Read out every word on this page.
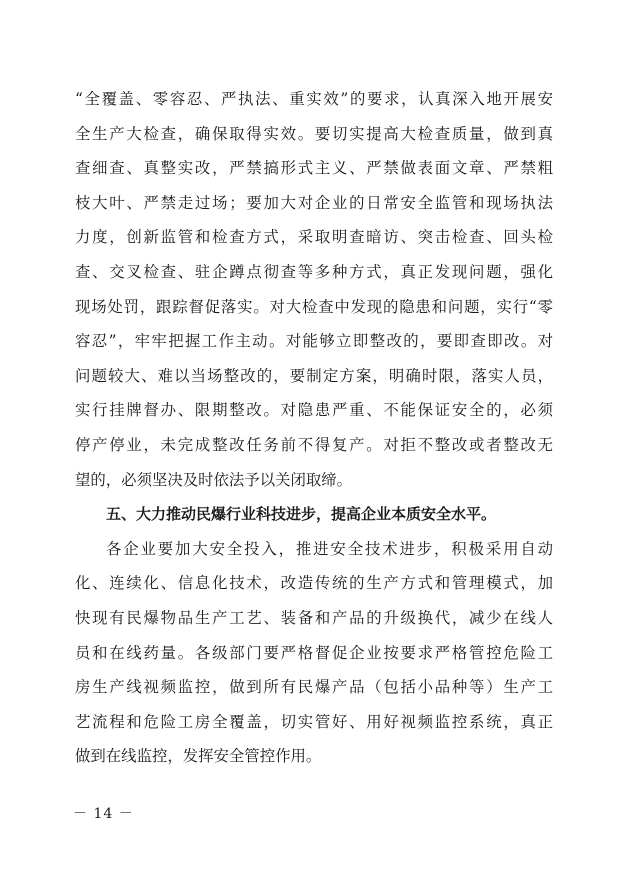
“全覆盖、零容忍、严执法、重实效”的要求，认真深入地开展安
全生产大检查，确保取得实效。要切实提高大检查质量，做到真
查细查、真整实改，严禁搞形式主义、严禁做表面文章、严禁粗
枝大叶、严禁走过场；要加大对企业的日常安全监管和现场执法
力度，创新监管和检查方式，采取明查暗访、突击检查、回头检
查、交叉检查、驻企蹲点彻查等多种方式，真正发现问题，强化
现场处罚，跟踪督促落实。对大检查中发现的隐患和问题，实行“零
容忍”，牢牢把握工作主动。对能够立即整改的，要即查即改。对
问题较大、难以当场整改的，要制定方案，明确时限，落实人员，
实行挂牌督办、限期整改。对隐患严重、不能保证安全的，必须
停产停业，未完成整改任务前不得复产。对拒不整改或者整改无
望的，必须坚决及时依法予以关闭取缔。
五、大力推动民爆行业科技进步，提高企业本质安全水平。
各企业要加大安全投入，推进安全技术进步，积极采用自动
化、连续化、信息化技术，改造传统的生产方式和管理模式，加
快现有民爆物品生产工艺、装备和产品的升级换代，减少在线人
员和在线药量。各级部门要严格督促企业按要求严格管控危险工
房生产线视频监控，做到所有民爆产品（包括小品种等）生产工
艺流程和危险工房全覆盖，切实管好、用好视频监控系统，真正
做到在线监控，发挥安全管控作用。
－ 14 －
